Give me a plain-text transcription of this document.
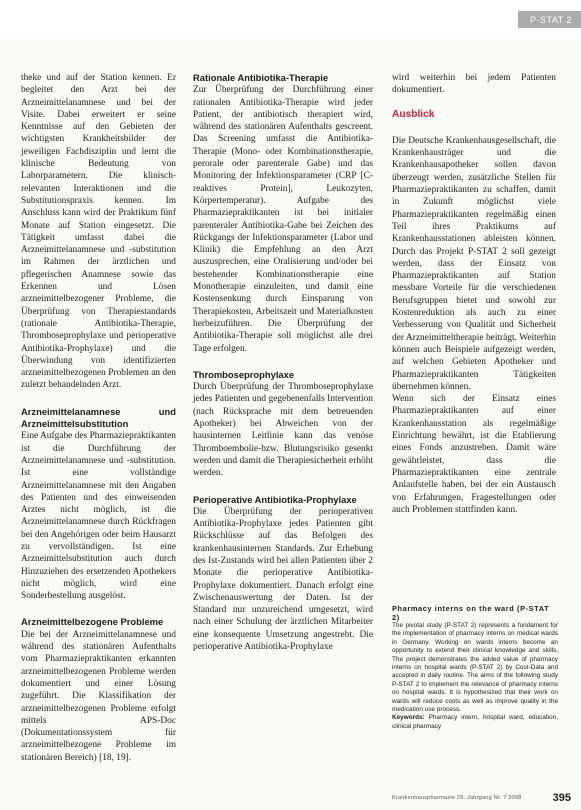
P-STAT 2

theke und auf der Station kennen. Er begleitet den Arzt bei der Arzneimittelanamnese und bei der Visite. Dabei erweitert er seine Kenntnisse auf den Gebieten der wichtigsten Krankheitsbilder der jeweiligen Fachdisziplin und lernt die klinische Bedeutung von Laborparametern. Die klinisch-relevanten Interaktionen und die Substitutionspraxis kennen. Im Anschluss kann wird der Praktikum fünf Monate auf Station eingesetzt. Die Tätigkeit umfasst dabei die Arzneimittelanamnese und -substitution im Rahmen der ärztlichen und pflegerischen Anamnese sowie das Erkennen und Lösen arzneimittelbezogener Probleme, die Überprüfung von Therapiestandards (rationale Antibiotika-Therapie, Thromboseprophylaxe und perioperative Antibiotika-Prophylaxe) und die Überwindung von identifizierten arzneimittelbezogenen Problemen an den zuletzt behandelnden Arzt.

Arzneimittelanamnese und Arzneimittelsubstitution

Eine Aufgabe des Pharmaziepraktikanten ist die Durchführung der Arzneimittelanamnese und -substitution. Ist eine vollständige Arzneimittelanamnese mit den Angaben des Patienten und des einweisenden Arztes nicht möglich, ist die Arzneimittelanamnese durch Rückfragen bei den Angehörigen oder beim Hausarzt zu vervollständigen. Ist eine Arzneimittelsubstitution auch durch Hinzuziehen des ersetzenden Apothekers nicht möglich, wird eine Sonderbestellung ausgelöst.

Arzneimittelbezogene Probleme

Die bei der Arzneimittelanamnese und während des stationären Aufenthalts vom Pharmaziepraktikanten erkannten arzneimittelbezogenen Probleme werden dokumentiert und einer Lösung zugeführt. Die Klassifikation der arzneimittelbezogenen Probleme erfolgt mittels APS-Doc (Dokumentationssystem für arzneimittelbezogene Probleme im stationären Bereich) [18, 19].

Rationale Antibiotika-Therapie

Zur Überprüfung der Durchführung einer rationalen Antibiotika-Therapie wird jeder Patient, der antibiotisch therapiert wird, während des stationären Aufenthalts gescreent. Das Screening umfasst die Antibiotika-Therapie (Mono- oder Kombinationstherapie, perorale oder parenterale Gabe) und das Monitoring der Infektionsparameter (CRP [C-reaktives Protein], Leukozyten, Körpertemperatur). Aufgabe des Pharmaziepraktikanten ist bei initialer parenteraler Antibiotika-Gabe bei Zeichen des Rückgangs der Infektionsparameter (Labor und Klinik) die Empfehlung an den Arzt auszusprechen, eine Oralisierung und/oder bei bestehender Kombinationstherapie eine Monotherapie einzuleiten, und damit eine Kostensenkung durch Einsparung von Therapiekosten, Arbeitszeit und Materialkosten herbeizuführen. Die Überprüfung der Antibiotika-Therapie soll möglichst alle drei Tage erfolgen.

Thromboseprophylaxe

Durch Überprüfung der Thromboseprophylaxe jedes Patienten und gegebenenfalls Intervention (nach Rücksprache mit dem betreuenden Apotheker) bei Abweichen von der hausinternen Leitlinie kann das venöse Thromboembolie-bzw. Blutungsrisiko gesenkt werden und damit die Therapiesicherheit erhöht werden.

Perioperative Antibiotika-Prophylaxe

Die Überprüfung der perioperativen Antibiotika-Prophylaxe jedes Patienten gibt Rückschlüsse auf das Befolgen des krankenhausinternen Standards. Zur Erhebung des Ist-Zustands wird bei allen Patienten über 2 Monate die perioperative Antibiotika-Prophylaxe dokumentiert. Danach erfolgt eine Zwischenauswertung der Daten. Ist der Standard nur unzureichend umgesetzt, wird nach einer Schulung der ärztlichen Mitarbeiter eine konsequente Umsetzung angestrebt. Die perioperative Antibiotika-Prophylaxe

wird weiterhin bei jedem Patienten dokumentiert.

Ausblick

Die Deutsche Krankenhausgesellschaft, die Krankenhausträger und die Krankenhausapotheker sollen davon überzeugt werden, zusätzliche Stellen für Pharmaziepraktikanten zu schaffen, damit in Zukunft möglichst viele Pharmaziepraktikanten regelmäßig einen Teil ihres Praktikums auf Krankenhausstationen ableisten können. Durch das Projekt P-STAT 2 soll gezeigt werden, dass der Einsatz von Pharmaziepraktikanten auf Station messbare Vorteile für die verschiedenen Berufsgruppen bietet und sowohl zur Kostenreduktion als auch zu einer Verbesserung von Qualität und Sicherheit der Arzneimitteltherapie beiträgt. Weiterhin können auch Beispiele aufgezeigt werden, auf welchen Gebieten Apotheker und Pharmaziepraktikanten Tätigkeiten übernehmen können.

Wenn sich der Einsatz eines Pharmaziepraktikanten auf einer Krankenhausstation als regelmäßige Einrichtung bewährt, ist die Etablierung eines Fonds anzustreben. Damit wäre gewährleistet, dass die Pharmaziepraktikanten eine zentrale Anlaufstelle haben, bei der ein Austausch von Erfahrungen, Fragestellungen oder auch Problemen stattfinden kann.

Pharmacy interns on the ward (P-STAT 2)

The pivotal study (P-STAT 2) represents a fundament for the implementation of pharmacy interns on medical wards in Germany. Working on wards interns become an opportunity to extend their clinical knowledge and skills. The project demonstrates the added value of pharmacy interns on hospital wards (P-STAT 2) by Cost-Data and accepted in daily routine. The aims of the following study P-STAT 2 to implement the relevance of pharmacy interns on hospital wards. It is hypothesized that their work on wards will reduce costs as well as improve quality in the medication use process.

Keywords: Pharmacy intern, hospital ward, education, clinical pharmacy

Krankenhauspharmazie 29. Jahrgang Nr. 7 2008	395
